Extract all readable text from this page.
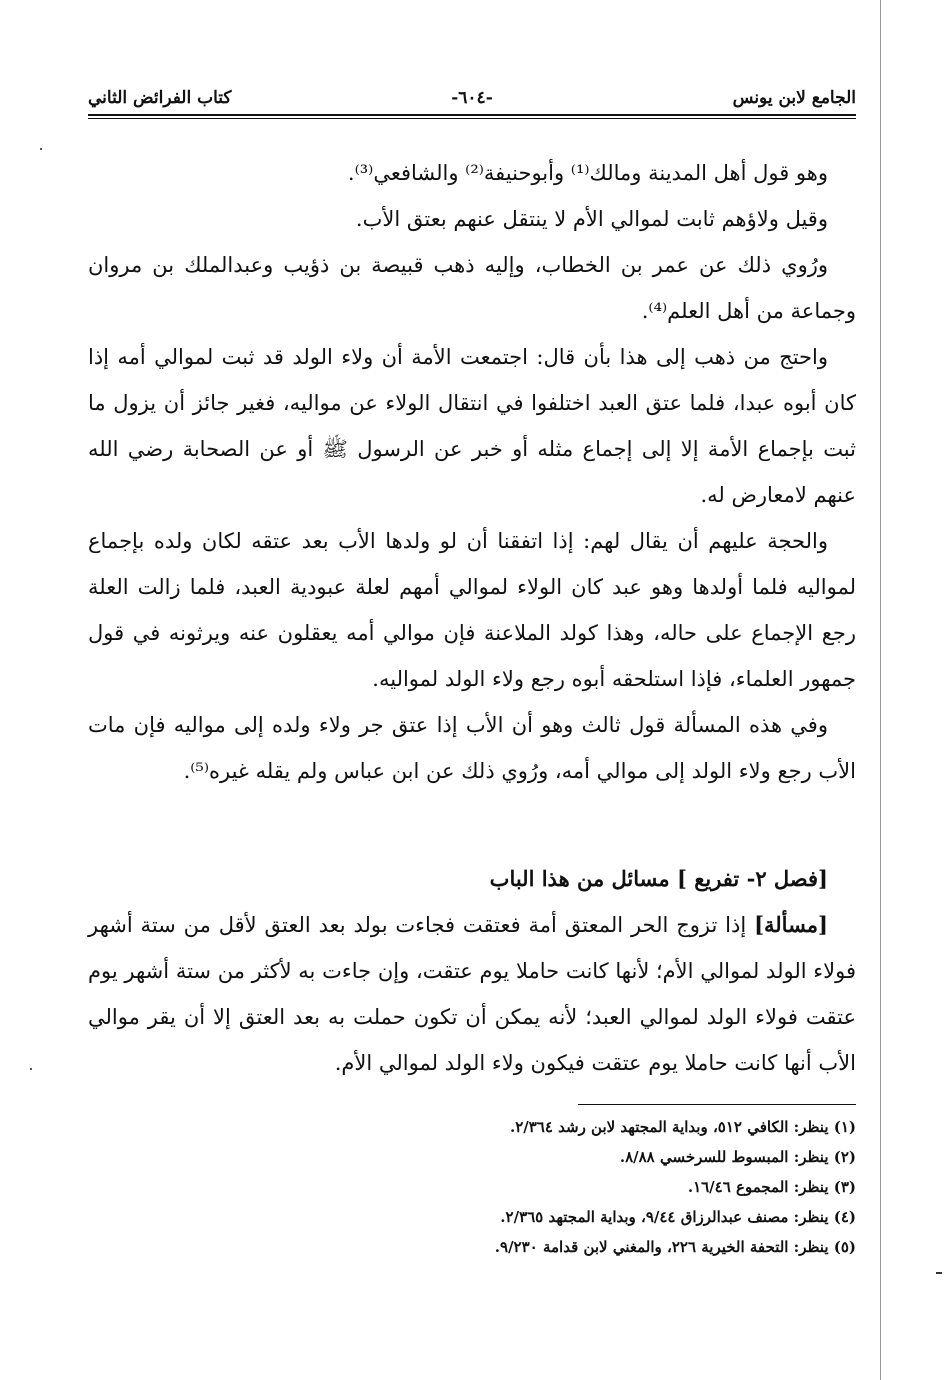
الجامع لابن يونس
-٦٠٤-
كتاب الفرائض الثاني

وهو قول أهل المدينة ومالك⁽¹⁾ وأبوحنيفة⁽²⁾ والشافعي⁽³⁾.

وقيل ولاؤهم ثابت لموالي الأم لا ينتقل عنهم بعتق الأب.

ورُوي ذلك عن عمر بن الخطاب، وإليه ذهب قبيصة بن ذؤيب وعبدالملك بن مروان وجماعة من أهل العلم⁽⁴⁾.

واحتج من ذهب إلى هذا بأن قال: اجتمعت الأمة أن ولاء الولد قد ثبت لموالي أمه إذا كان أبوه عبدا، فلما عتق العبد اختلفوا في انتقال الولاء عن مواليه، فغير جائز أن يزول ما ثبت بإجماع الأمة إلا إلى إجماع مثله أو خبر عن الرسول ﷺ أو عن الصحابة رضي الله عنهم لامعارض له.

والحجة عليهم أن يقال لهم: إذا اتفقنا أن لو ولدها الأب بعد عتقه لكان ولده بإجماع لمواليه فلما أولدها وهو عبد كان الولاء لموالي أمهم لعلة عبودية العبد، فلما زالت العلة رجع الإجماع على حاله، وهذا كولد الملاعنة فإن موالي أمه يعقلون عنه ويرثونه في قول جمهور العلماء، فإذا استلحقه أبوه رجع ولاء الولد لمواليه.

وفي هذه المسألة قول ثالث وهو أن الأب إذا عتق جر ولاء ولده إلى مواليه فإن مات الأب رجع ولاء الولد إلى موالي أمه، ورُوي ذلك عن ابن عباس ولم يقله غيره⁽⁵⁾.

[فصل ٢- تفريع ] مسائل من هذا الباب

[مسألة] إذا تزوج الحر المعتق أمة فعتقت فجاءت بولد بعد العتق لأقل من ستة أشهر فولاء الولد لموالي الأم؛ لأنها كانت حاملا يوم عتقت، وإن جاءت به لأكثر من ستة أشهر يوم عتقت فولاء الولد لموالي العبد؛ لأنه يمكن أن تكون حملت به بعد العتق إلا أن يقر موالي الأب أنها كانت حاملا يوم عتقت فيكون ولاء الولد لموالي الأم.

(١) ينظر: الكافي ٥١٢، وبداية المجتهد لابن رشد ٢/٣٦٤.
(٢) ينظر: المبسوط للسرخسي ٨/٨٨.
(٣) ينظر: المجموع ١٦/٤٦.
(٤) ينظر: مصنف عبدالرزاق ٩/٤٤، وبداية المجتهد ٢/٣٦٥.
(٥) ينظر: التحفة الخيرية ٢٢٦، والمغني لابن قدامة ٩/٢٣٠.
